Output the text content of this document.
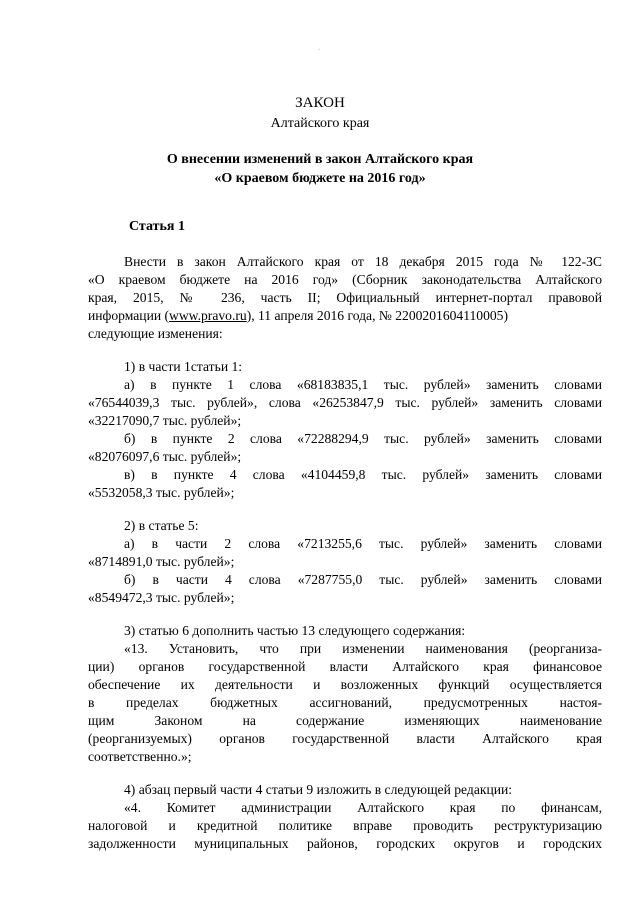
.
ЗАКОН
Алтайского края
О внесении изменений в закон Алтайского края
«О краевом бюджете на 2016 год»
Статья 1
Внести в закон Алтайского края от 18 декабря 2015 года № 122-ЗС
«О краевом бюджете на 2016 год» (Сборник законодательства Алтайского
края, 2015, № 236, часть II; Официальный интернет-портал правовой
информации (www.pravo.ru), 11 апреля 2016 года, № 2200201604110005)
следующие изменения:
1) в части 1статьи 1:
а) в пункте 1 слова «68183835,1 тыс. рублей» заменить словами
«76544039,3 тыс. рублей», слова «26253847,9 тыс. рублей» заменить словами
«32217090,7 тыс. рублей»;
б) в пункте 2 слова «72288294,9 тыс. рублей» заменить словами
«82076097,6 тыс. рублей»;
в) в пункте 4 слова «4104459,8 тыс. рублей» заменить словами
«5532058,3 тыс. рублей»;
2) в статье 5:
а) в части 2 слова «7213255,6 тыс. рублей» заменить словами
«8714891,0 тыс. рублей»;
б) в части 4 слова «7287755,0 тыс. рублей» заменить словами
«8549472,3 тыс. рублей»;
3) статью 6 дополнить частью 13 следующего содержания:
«13. Установить, что при изменении наименования (реорганиза-
ции) органов государственной власти Алтайского края финансовое
обеспечение их деятельности и возложенных функций осуществляется
в пределах бюджетных ассигнований, предусмотренных настоя-
щим Законом на содержание изменяющих наименование
(реорганизуемых) органов государственной власти Алтайского края
соответственно.»;
4) абзац первый части 4 статьи 9 изложить в следующей редакции:
«4. Комитет администрации Алтайского края по финансам,
налоговой и кредитной политике вправе проводить реструктуризацию
задолженности муниципальных районов, городских округов и городских
